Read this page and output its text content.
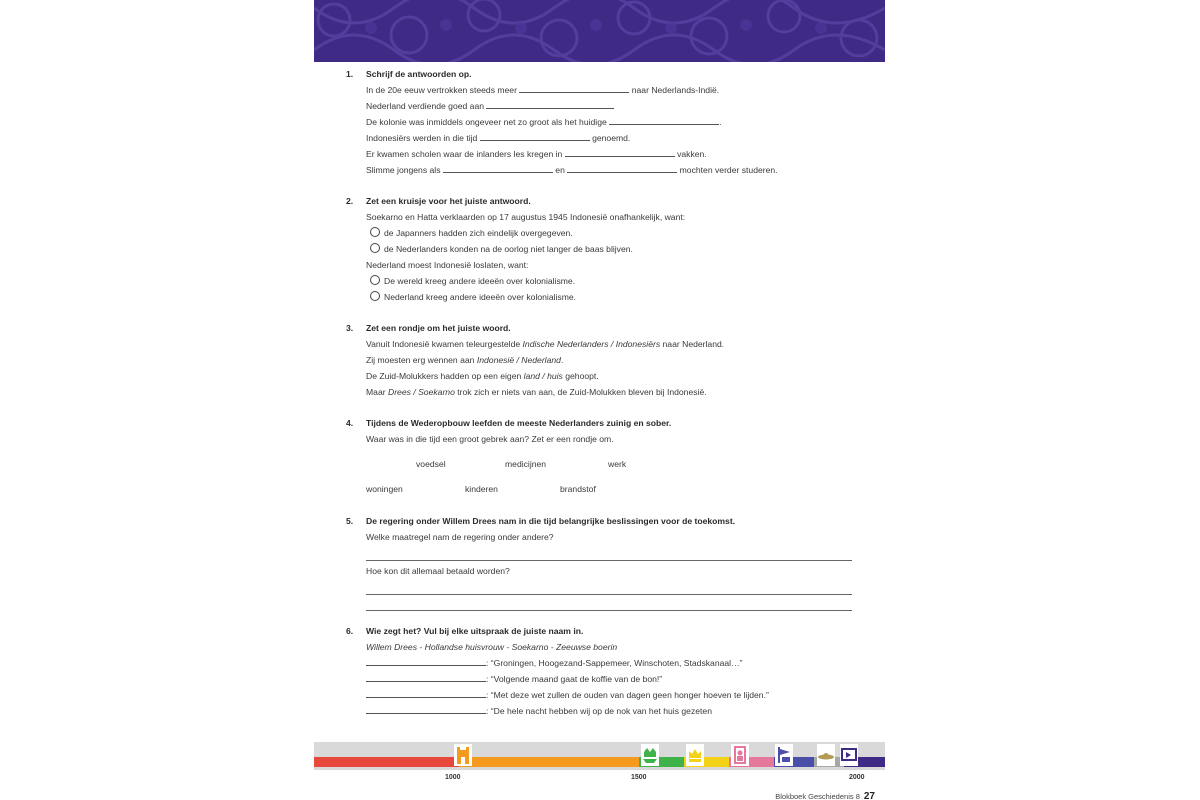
1. Schrijf de antwoorden op.
In de 20e eeuw vertrokken steeds meer	naar Nederlands-Indië.
Nederland verdiende goed aan
De kolonie was inmiddels ongeveer net zo groot als het huidige	.
Indonesiërs werden in die tijd	genoemd.
Er kwamen scholen waar de inlanders les kregen in	vakken.
Slimme jongens als	en	mochten verder studeren.
2. Zet een kruisje voor het juiste antwoord.
Soekarno en Hatta verklaarden op 17 augustus 1945 Indonesië onafhankelijk, want:
de Japanners hadden zich eindelijk overgegeven.
de Nederlanders konden na de oorlog niet langer de baas blijven.
Nederland moest Indonesië loslaten, want:
De wereld kreeg andere ideeën over kolonialisme.
Nederland kreeg andere ideeën over kolonialisme.
3. Zet een rondje om het juiste woord.
Vanuit Indonesië kwamen teleurgestelde Indische Nederlanders / Indonesiërs naar Nederland.
Zij moesten erg wennen aan Indonesië / Nederland.
De Zuid-Molukkers hadden op een eigen land / huis gehoopt.
Maar Drees / Soekarno trok zich er niets van aan, de Zuid-Molukken bleven bij Indonesië.
4. Tijdens de Wederopbouw leefden de meeste Nederlanders zuinig en sober.
Waar was in die tijd een groot gebrek aan? Zet er een rondje om.
voedsel	medicijnen	werk
woningen	kinderen	brandstof
5. De regering onder Willem Drees nam in die tijd belangrijke beslissingen voor de toekomst.
Welke maatregel nam de regering onder andere?
Hoe kon dit allemaal betaald worden?
6. Wie zegt het? Vul bij elke uitspraak de juiste naam in.
Willem Drees - Hollandse huisvrouw - Soekarno - Zeeuwse boerin
: “Groningen, Hoogezand-Sappemeer, Winschoten, Stadskanaal…”
: “Volgende maand gaat de koffie van de bon!”
: “Met deze wet zullen de ouden van dagen geen honger hoeven te lijden.”
: “De hele nacht hebben wij op de nok van het huis gezeten
1000	1500	2000
Blokboek Geschiedenis 8 27
